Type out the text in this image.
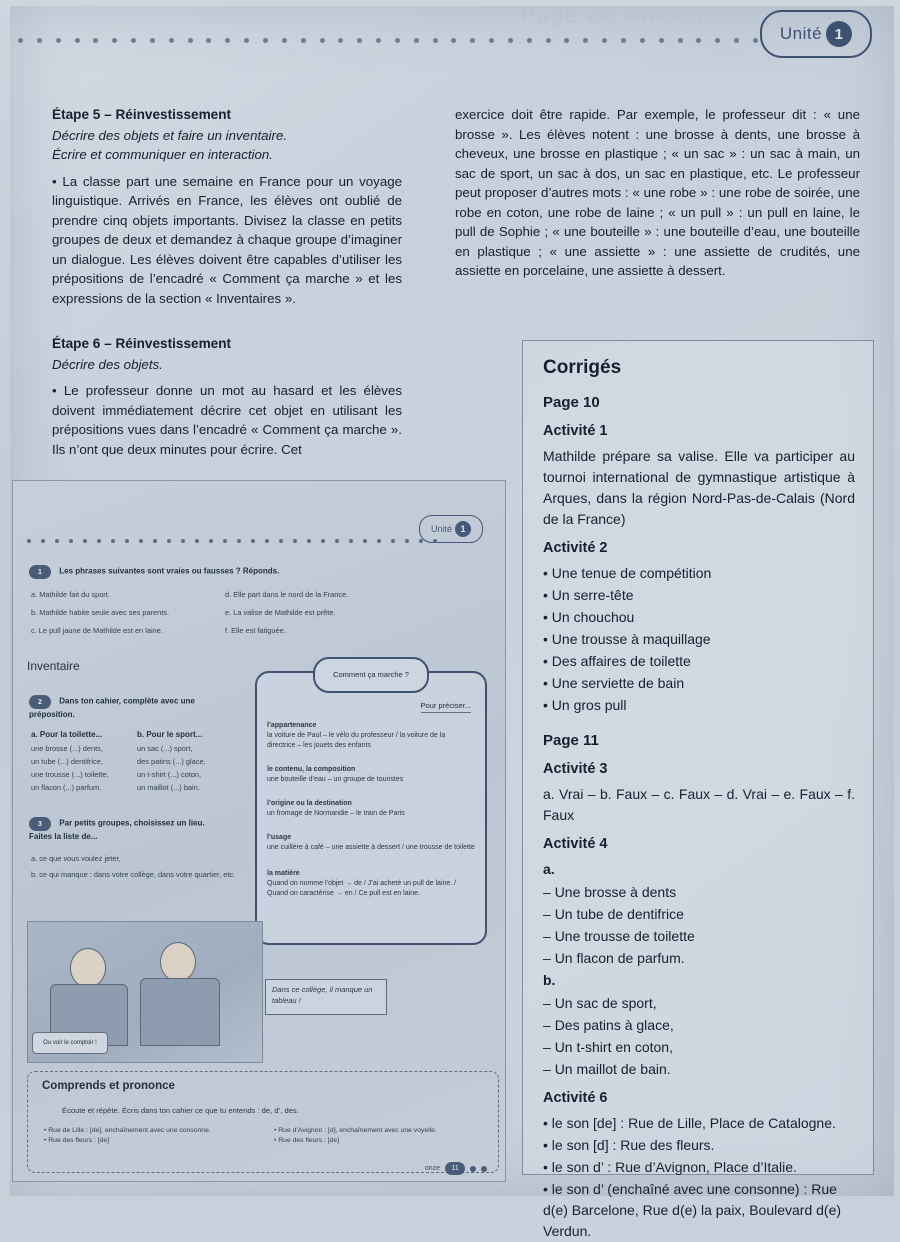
Page de Unité 1
Unité 1
Étape 5 – Réinvestissement
Décrire des objets et faire un inventaire.
Écrire et communiquer en interaction.

• La classe part une semaine en France pour un voyage linguistique. Arrivés en France, les élèves ont oublié de prendre cinq objets importants. Divisez la classe en petits groupes de deux et demandez à chaque groupe d’imaginer un dialogue. Les élèves doivent être capables d’utiliser les prépositions de l’encadré « Comment ça marche » et les expressions de la section « Inventaires ».

Étape 6 – Réinvestissement
Décrire des objets.

• Le professeur donne un mot au hasard et les élèves doivent immédiatement décrire cet objet en utilisant les prépositions vues dans l’encadré « Comment ça marche ». Ils n’ont que deux minutes pour écrire. Cet

exercice doit être rapide. Par exemple, le professeur dit : « une brosse ». Les élèves notent : une brosse à dents, une brosse à cheveux, une brosse en plastique ; « un sac » : un sac à main, un sac de sport, un sac à dos, un sac en plastique, etc. Le professeur peut proposer d’autres mots : « une robe » : une robe de soirée, une robe en coton, une robe de laine ; « un pull » : un pull en laine, le pull de Sophie ; « une bouteille » : une bouteille d’eau, une bouteille en plastique ; « une assiette » : une assiette de crudités, une assiette en porcelaine, une assiette à dessert.

Corrigés
Page 10
Activité 1

Mathilde prépare sa valise. Elle va participer au tournoi international de gymnastique artistique à Arques, dans la région Nord-Pas-de-Calais (Nord de la France)

Activité 2
• Une tenue de compétition
• Un serre-tête
• Un chouchou
• Une trousse à maquillage
• Des affaires de toilette
• Une serviette de bain
• Un gros pull
Page 11
Activité 3

a. Vrai – b. Faux – c. Faux – d. Vrai – e. Faux – f. Faux

Activité 4
a.
– Une brosse à dents
– Un tube de dentifrice
– Une trousse de toilette
– Un flacon de parfum.
b.
– Un sac de sport,
– Des patins à glace,
– Un t-shirt en coton,
– Un maillot de bain.
Activité 6
• le son [de] : Rue de Lille, Place de Catalogne.
• le son [d] : Rue des fleurs.
• le son d’ : Rue d’Avignon, Place d’Italie.
• le son d’ (enchaîné avec une consonne) : Rue d(e) Barcelone, Rue d(e) la paix, Boulevard d(e) Verdun.
Unité 1
1 Les phrases suivantes sont vraies ou fausses ? Réponds.
a. Mathilde fait du sport.
b. Mathilde habite seule avec ses parents.
c. Le pull jaune de Mathilde est en laine.
d. Elle part dans le nord de la France.
e. La valise de Mathilde est prête.
f. Elle est fatiguée.
Inventaire
2 Dans ton cahier, complète avec une préposition.
a. Pour la toilette...
une brosse (...) dents,
un tube (...) dentifrice,
une trousse (...) toilette,
un flacon (...) parfum.
b. Pour le sport...
un sac (...) sport,
des patins (...) glace,
un t-shirt (...) coton,
un maillot (...) bain.
3 Par petits groupes, choisissez un lieu. Faites la liste de...
a. ce que vous voulez jeter,
b. ce qui manque : dans votre collège, dans votre quartier, etc.
Comment ça marche ?
Pour préciser...
l’appartenance
la voiture de Paul – le vélo du professeur / la voiture de la directrice – les jouets des enfants
le contenu, la composition
une bouteille d’eau – un groupe de touristes
l’origine ou la destination
un fromage de Normandie – le train de Paris
l’usage
une cuillère à café – une assiette à dessert / une trousse de toilette
la matière
Quand on nomme l’objet → de / J’ai acheté un pull de laine. / Quand on caractérise → en / Ce pull est en laine.
Ou voir le comptoir !
Dans ce collège, il manque un tableau !
Comprends et prononce
Écoute et répète. Écris dans ton cahier ce que tu entends : de, d’, des.
• Rue de Lille : [de], enchaînement avec une consonne.
• Rue des fleurs : [de]
• Rue d’Avignon : [d], enchaînement avec une voyelle.
• Rue des fleurs : [de]
onze	11
